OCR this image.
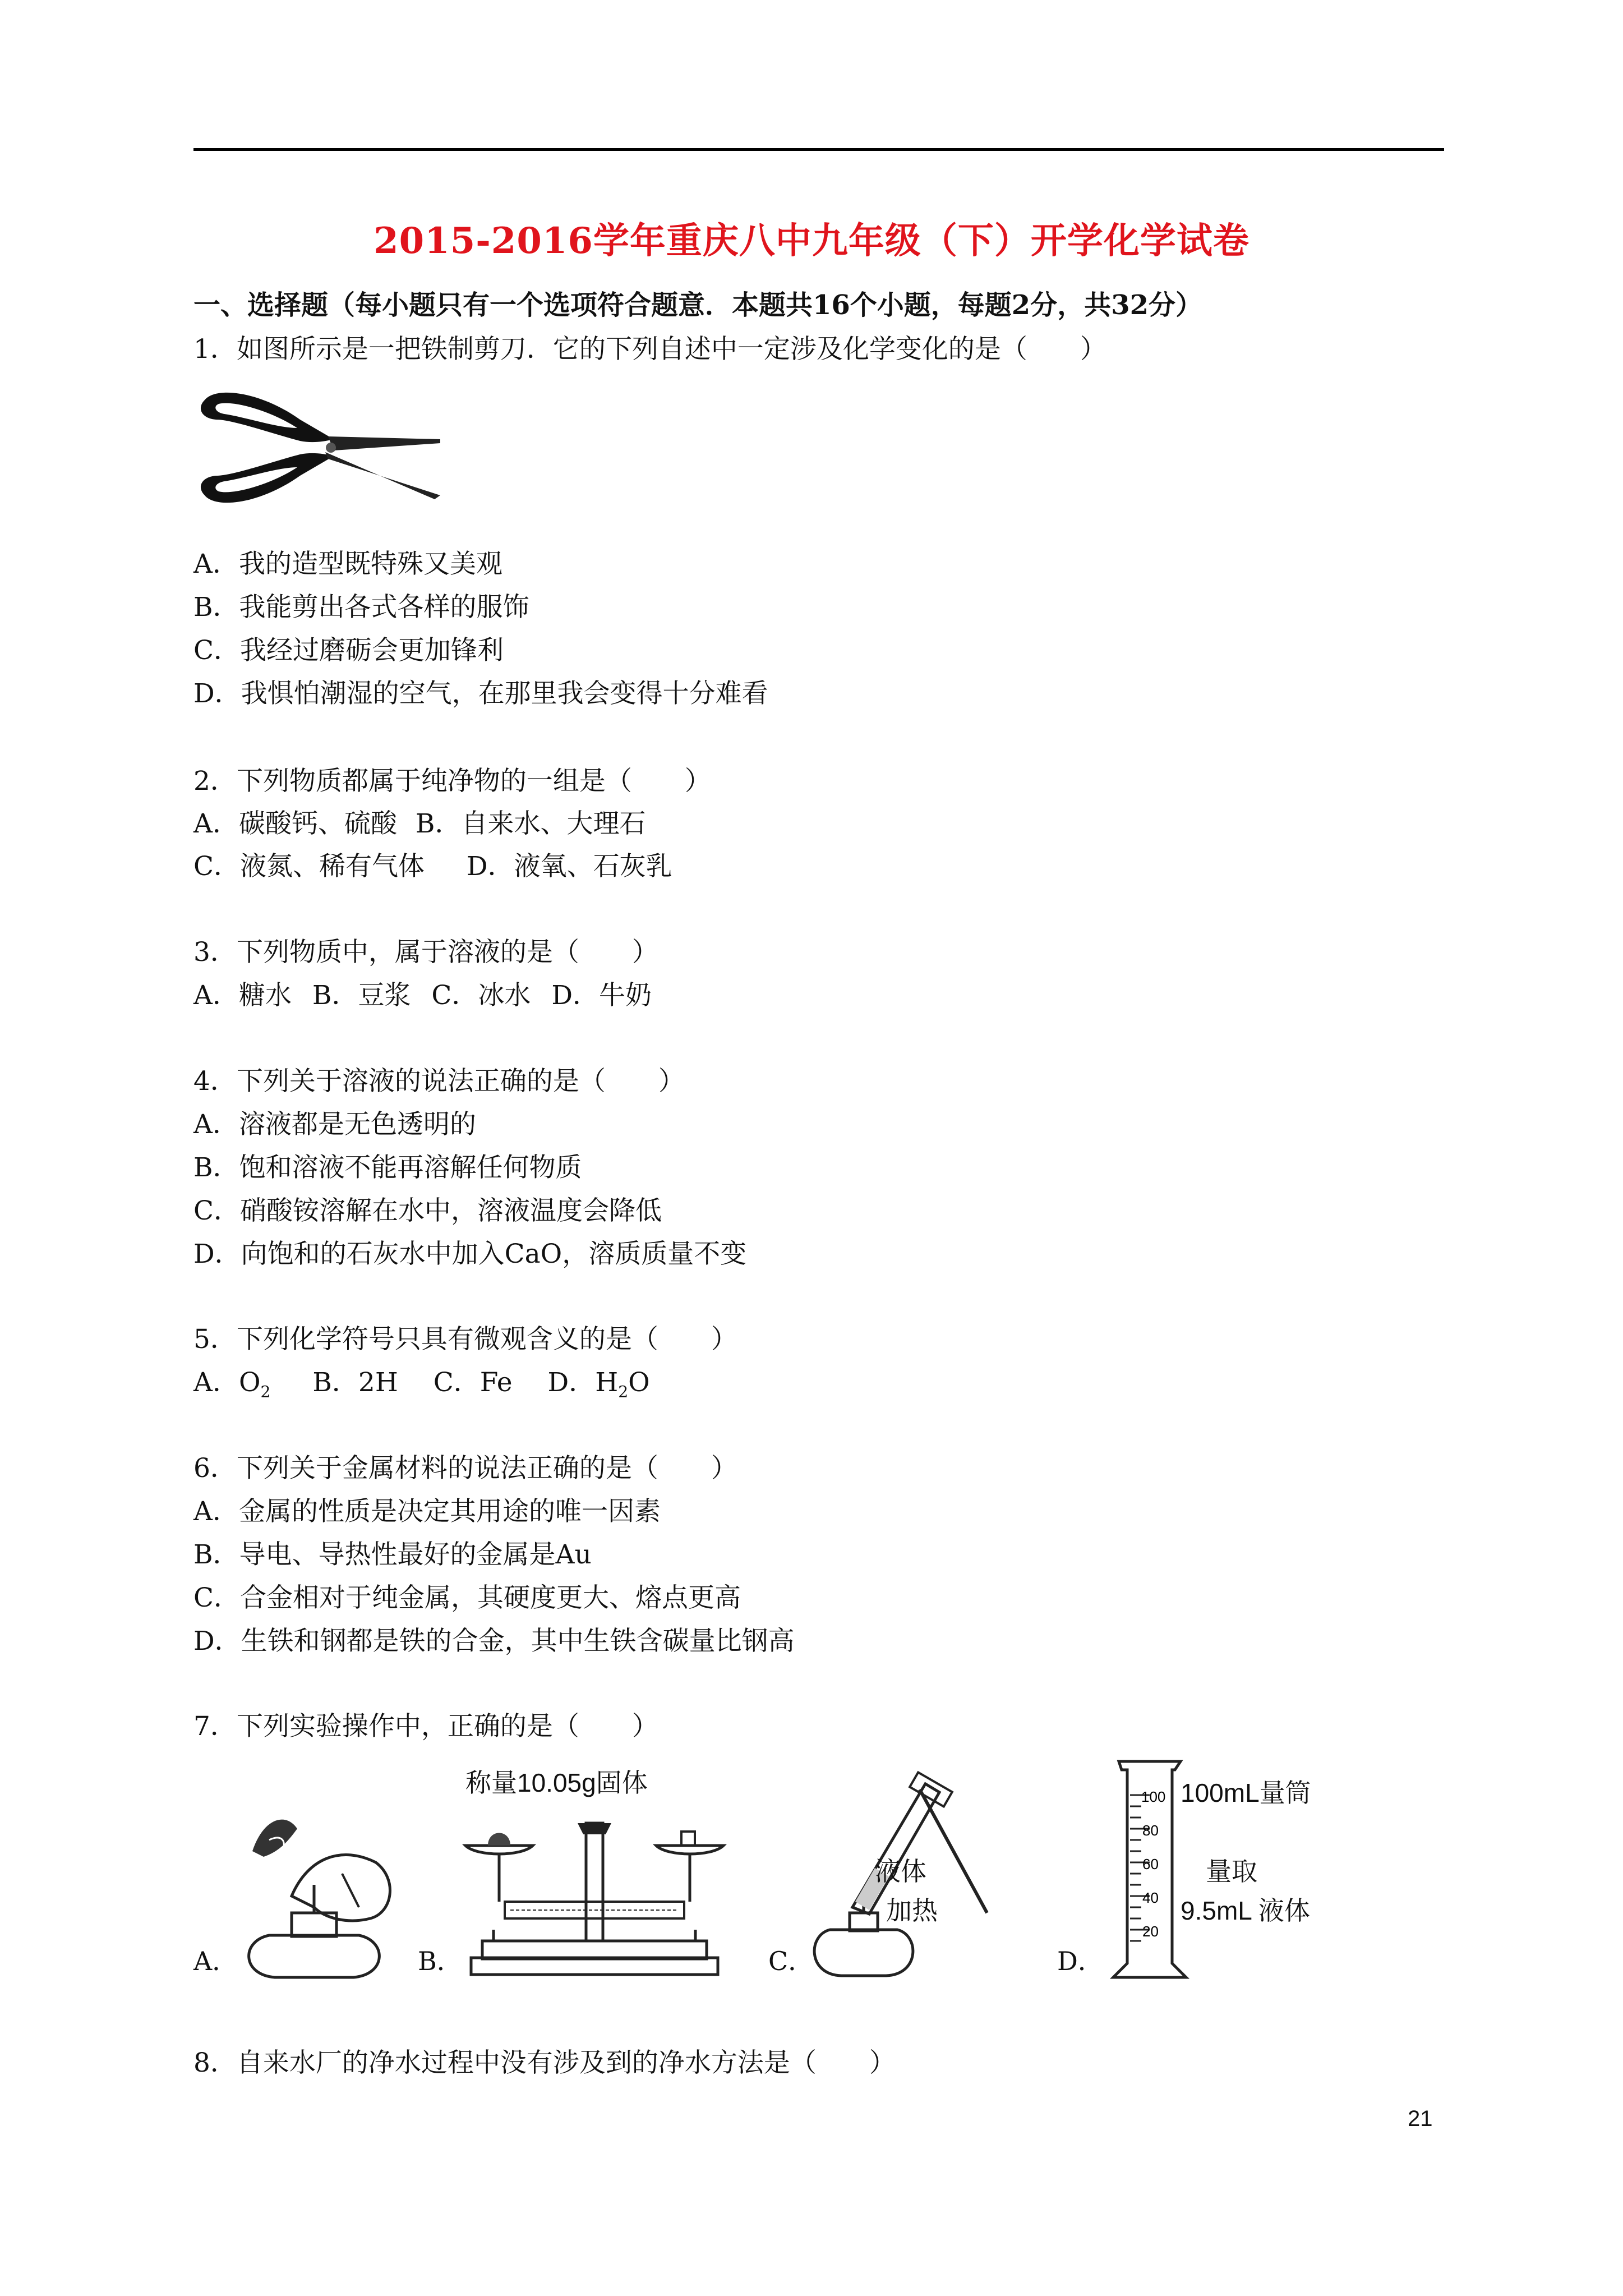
2015-2016学年重庆八中九年级（下）开学化学试卷
一、选择题（每小题只有一个选项符合题意．本题共16个小题，每题2分，共32分）
1．如图所示是一把铁制剪刀．它的下列自述中一定涉及化学变化的是（　　）
A．我的造型既特殊又美观
B．我能剪出各式各样的服饰
C．我经过磨砺会更加锋利
D．我惧怕潮湿的空气，在那里我会变得十分难看
2．下列物质都属于纯净物的一组是（　　）
A．碳酸钙、硫酸 B．自来水、大理石
C．液氮、稀有气体 D．液氧、石灰乳
3．下列物质中，属于溶液的是（　　）
A．糖水 B．豆浆 C．冰水 D．牛奶
4．下列关于溶液的说法正确的是（　　）
A．溶液都是无色透明的
B．饱和溶液不能再溶解任何物质
C．硝酸铵溶解在水中，溶液温度会降低
D．向饱和的石灰水中加入CaO，溶质质量不变
5．下列化学符号只具有微观含义的是（　　）
A．$O_2$ B．2H C．Fe D．$H_2O$
6．下列关于金属材料的说法正确的是（　　）
A．金属的性质是决定其用途的唯一因素
B．导电、导热性最好的金属是Au
C．合金相对于纯金属，其硬度更大、熔点更高
D．生铁和钢都是铁的合金，其中生铁含碳量比钢高
7．下列实验操作中，正确的是（　　）
A．	B．
称量10.05g固体
C．
液体
加热
D．
100
80
60
40
20
100mL量筒
量取
9.5mL 液体
8．自来水厂的净水过程中没有涉及到的净水方法是（　　）
21
